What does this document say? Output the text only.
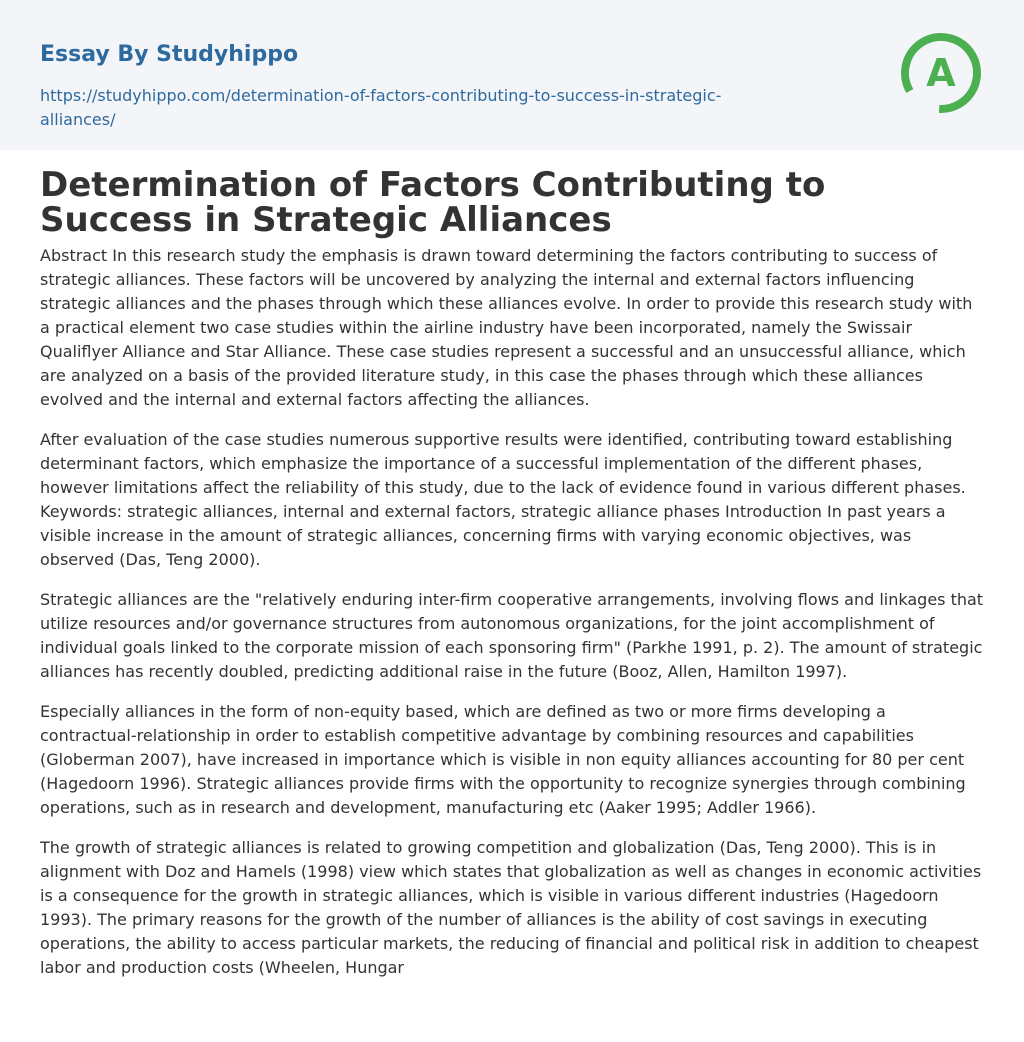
Essay By Studyhippo
https://studyhippo.com/determination-of-factors-contributing-to-success-in-strategic-alliances/
A
Determination of Factors Contributing to Success in Strategic Alliances

Abstract In this research study the emphasis is drawn toward determining the factors contributing to success of strategic alliances. These factors will be uncovered by analyzing the internal and external factors influencing strategic alliances and the phases through which these alliances evolve. In order to provide this research study with a practical element two case studies within the airline industry have been incorporated, namely the Swissair Qualiflyer Alliance and Star Alliance. These case studies represent a successful and an unsuccessful alliance, which are analyzed on a basis of the provided literature study, in this case the phases through which these alliances evolved and the internal and external factors affecting the alliances.

After evaluation of the case studies numerous supportive results were identified, contributing toward establishing determinant factors, which emphasize the importance of a successful implementation of the different phases, however limitations affect the reliability of this study, due to the lack of evidence found in various different phases. Keywords: strategic alliances, internal and external factors, strategic alliance phases Introduction In past years a visible increase in the amount of strategic alliances, concerning firms with varying economic objectives, was observed (Das, Teng 2000).

Strategic alliances are the "relatively enduring inter-firm cooperative arrangements, involving flows and linkages that utilize resources and/or governance structures from autonomous organizations, for the joint accomplishment of individual goals linked to the corporate mission of each sponsoring firm" (Parkhe 1991, p. 2). The amount of strategic alliances has recently doubled, predicting additional raise in the future (Booz, Allen, Hamilton 1997).

Especially alliances in the form of non-equity based, which are defined as two or more firms developing a contractual-relationship in order to establish competitive advantage by combining resources and capabilities (Globerman 2007), have increased in importance which is visible in non equity alliances accounting for 80 per cent (Hagedoorn 1996). Strategic alliances provide firms with the opportunity to recognize synergies through combining operations, such as in research and development, manufacturing etc (Aaker 1995; Addler 1966).

The growth of strategic alliances is related to growing competition and globalization (Das, Teng 2000). This is in alignment with Doz and Hamels (1998) view which states that globalization as well as changes in economic activities is a consequence for the growth in strategic alliances, which is visible in various different industries (Hagedoorn 1993). The primary reasons for the growth of the number of alliances is the ability of cost savings in executing operations, the ability to access particular markets, the reducing of financial and political risk in addition to cheapest labor and production costs (Wheelen, Hungar
